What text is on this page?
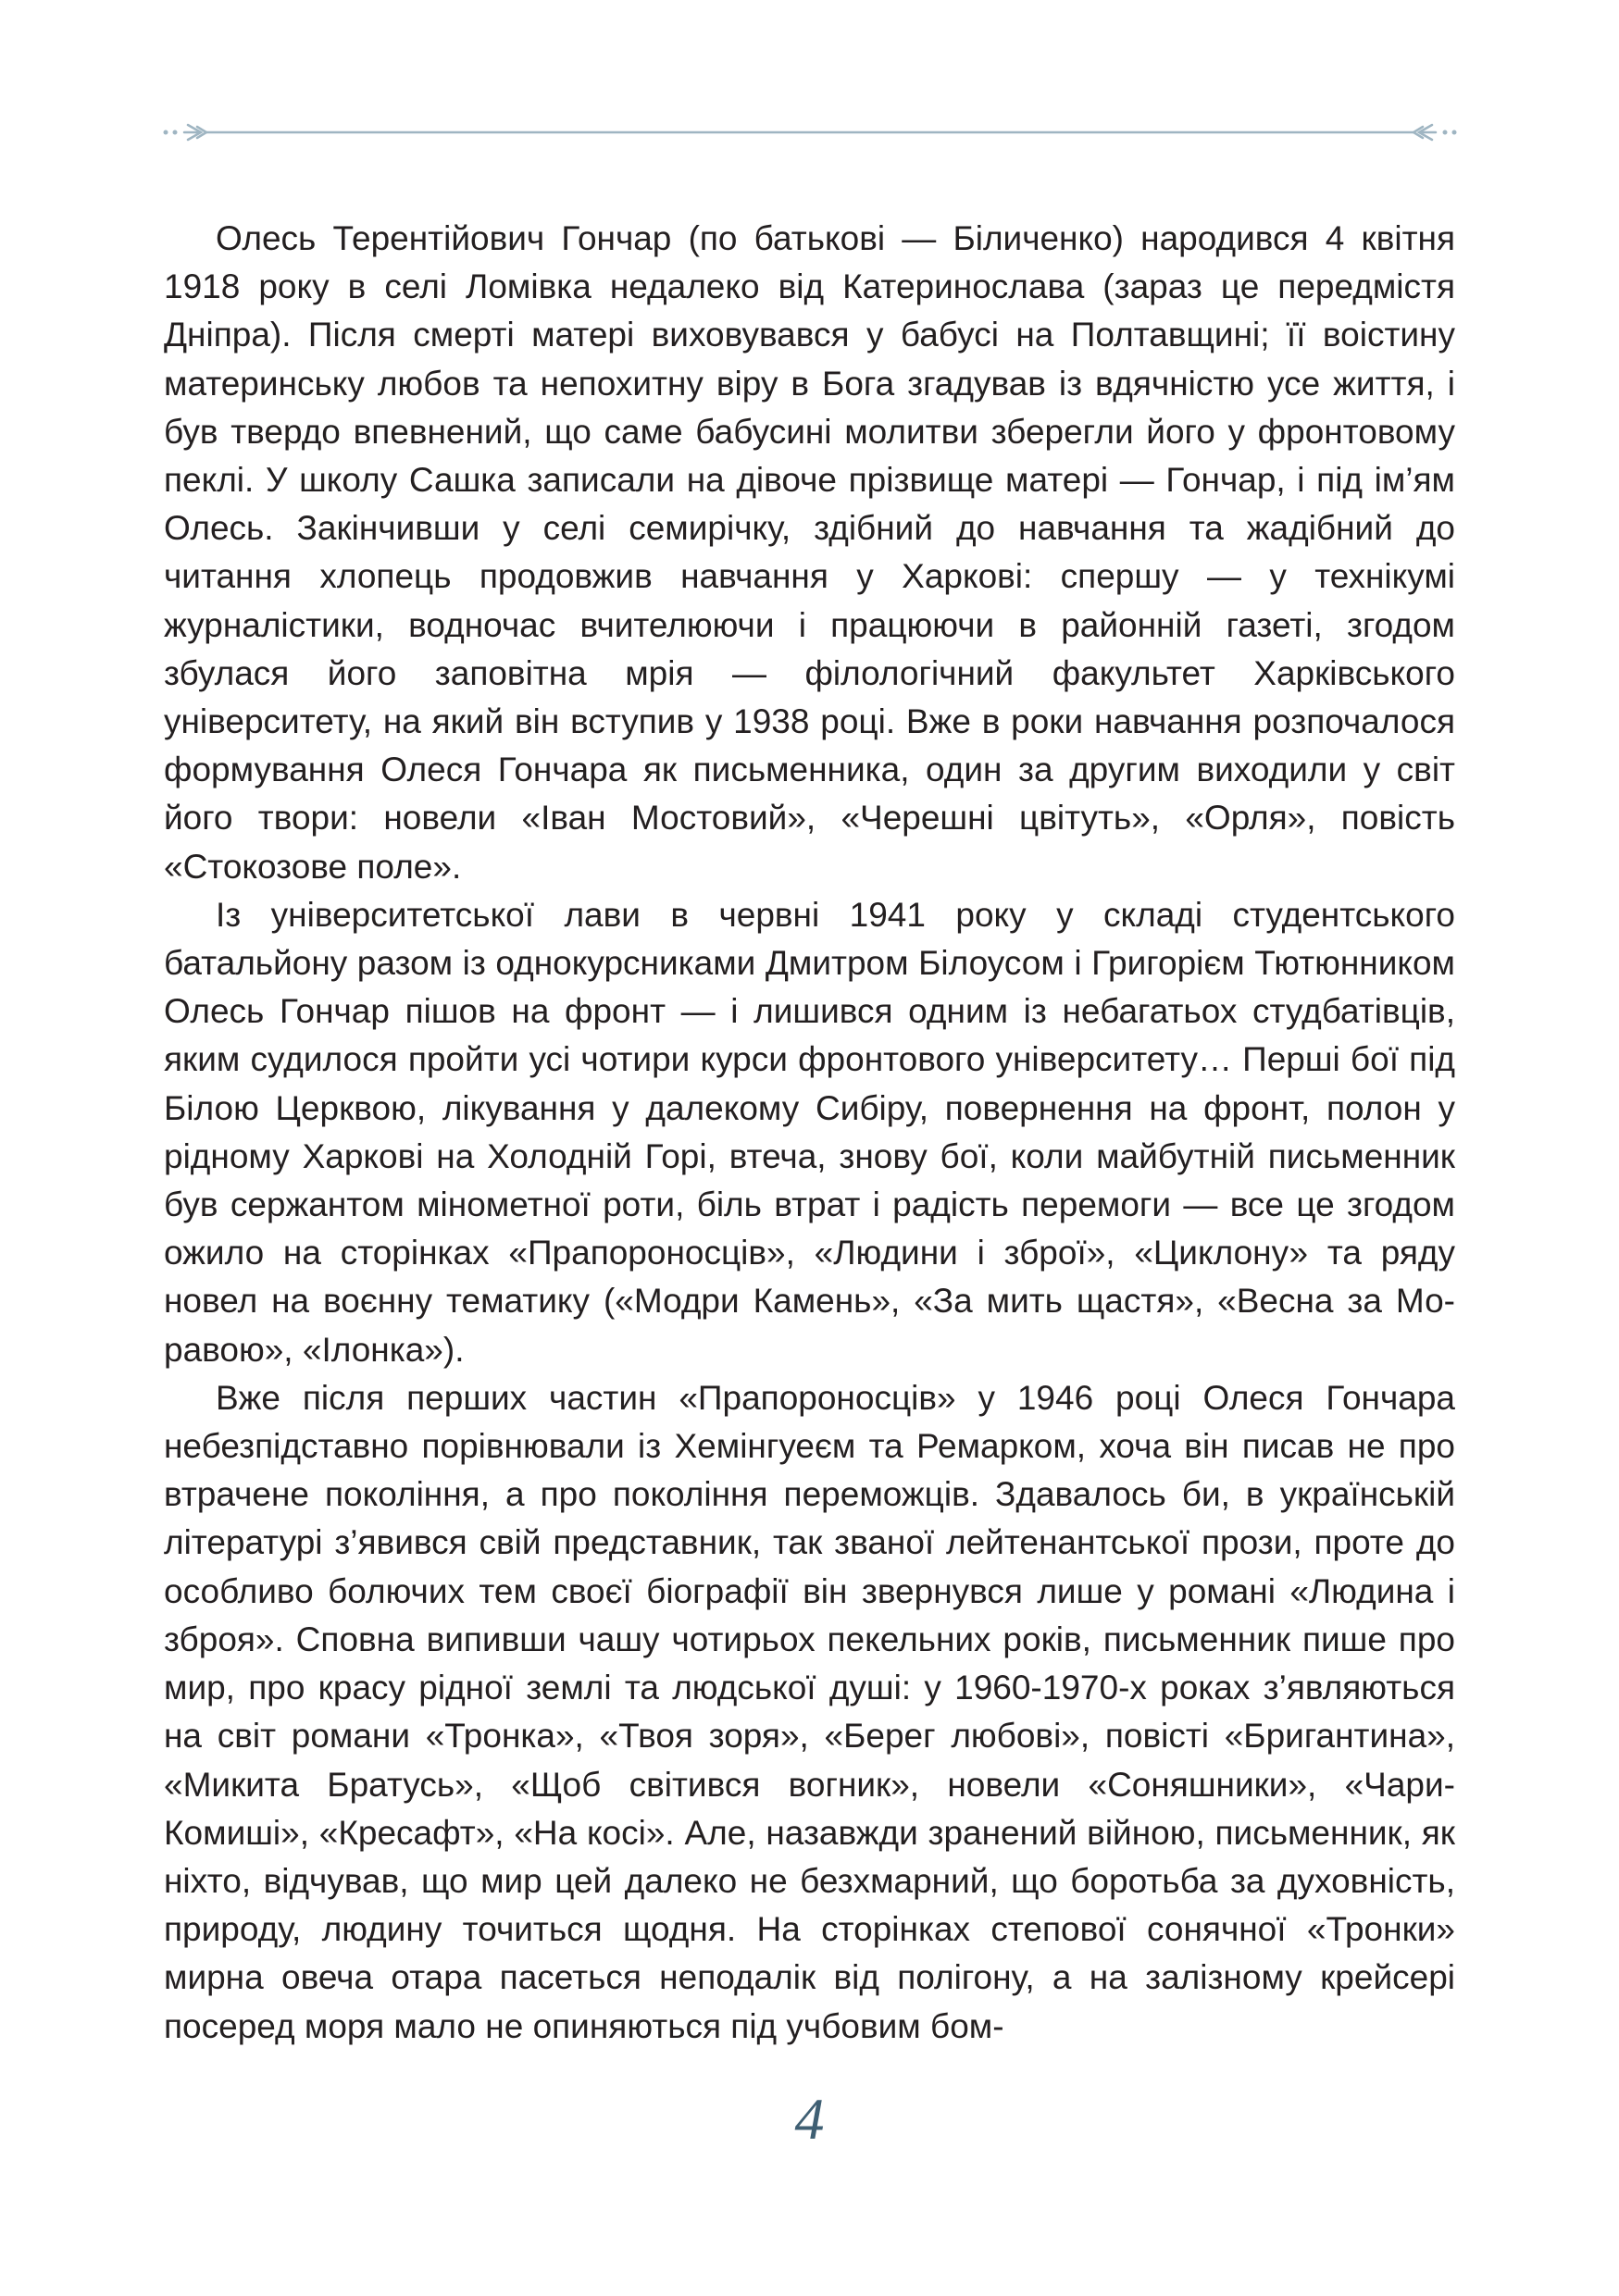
Олесь Терентійович Гончар (по батькові — Біличенко) народився 4 квітня 1918 року в селі Ломівка недалеко від Катеринослава (зараз це передмістя Дніпра). Після смерті матері виховувався у бабусі на Полтавщині; її воістину материнську любов та непохитну віру в Бога згадував із вдячністю усе життя, і був твердо впевнений, що саме бабусині молитви зберегли його у фронтовому пеклі. У школу Сашка записали на дівоче прізвище матері — Гончар, і під ім’ям Олесь. Закінчивши у селі семирічку, здібний до навчання та жадібний до читання хлопець продовжив навчання у Харкові: спершу — у технікумі журналістики, водночас вчителюючи і працюючи в районній газеті, згодом збулася його заповітна мрія — філологічний факультет Харківського університету, на який він вступив у 1938 році. Вже в роки навчання розпочалося формування Олеся Гончара як письменника, один за другим виходили у світ його твори: новели «Іван Мостовий», «Черешні цвітуть», «Орля», повість «Стокозове поле».

Із університетської лави в червні 1941 року у складі студентського батальйону разом із однокурсниками Дмитром Білоусом і Григорієм Тютюнником Олесь Гончар пішов на фронт — і лишився одним із небагатьох студбатівців, яким судилося пройти усі чотири курси фронтового університету… Перші бої під Білою Церквою, лікування у далекому Сибіру, повернення на фронт, полон у рідному Харкові на Холодній Горі, втеча, знову бої, коли майбутній письменник був сержантом мінометної роти, біль втрат і радість перемоги — все це згодом ожило на сторінках «Прапороносців», «Людини і зброї», «Циклону» та ряду новел на воєнну тематику («Модри Камень», «За мить щастя», «Весна за Моравою», «Ілонка»).

Вже після перших частин «Прапороносців» у 1946 році Олеся Гончара небезпідставно порівнювали із Хемінгуеєм та Ремарком, хоча він писав не про втрачене покоління, а про покоління переможців. Здавалось би, в українській літературі з’явився свій представник, так званої лейтенантської прози, проте до особливо болючих тем своєї біографії він звернувся лише у романі «Людина і зброя». Сповна випивши чашу чотирьох пекельних років, письменник пише про мир, про красу рідної землі та людської душі: у 1960-1970-х роках з’являються на світ романи «Тронка», «Твоя зоря», «Берег любові», повісті «Бригантина», «Микита Братусь», «Щоб світився вогник», новели «Соняшники», «Чари-Комиші», «Кресафт», «На косі». Але, назавжди зранений війною, письменник, як ніхто, відчував, що мир цей далеко не безхмарний, що боротьба за духовність, природу, людину точиться щодня. На сторінках степової сонячної «Тронки» мирна овеча отара пасеться неподалік від полігону, а на залізному крейсері посеред моря мало не опиняються під учбовим бом-

4
